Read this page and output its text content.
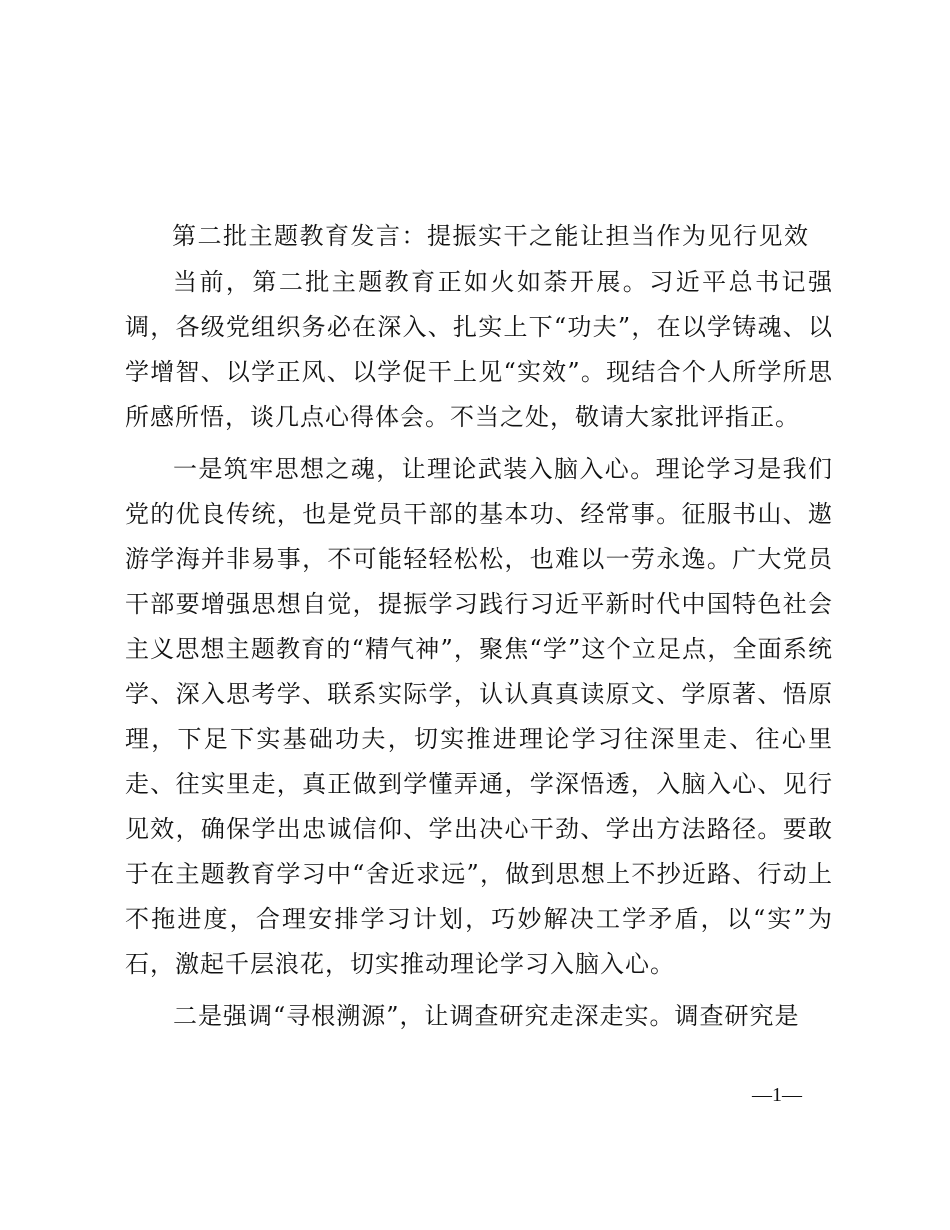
第二批主题教育发言：提振实干之能让担当作为见行见效

当前，第二批主题教育正如火如荼开展。习近平总书记强调，各级党组织务必在深入、扎实上下“功夫”，在以学铸魂、以学增智、以学正风、以学促干上见“实效”。现结合个人所学所思所感所悟，谈几点心得体会。不当之处，敬请大家批评指正。

一是筑牢思想之魂，让理论武装入脑入心。理论学习是我们党的优良传统，也是党员干部的基本功、经常事。征服书山、遨游学海并非易事，不可能轻轻松松，也难以一劳永逸。广大党员干部要增强思想自觉，提振学习践行习近平新时代中国特色社会主义思想主题教育的“精气神”，聚焦“学”这个立足点，全面系统学、深入思考学、联系实际学，认认真真读原文、学原著、悟原理，下足下实基础功夫，切实推进理论学习往深里走、往心里走、往实里走，真正做到学懂弄通，学深悟透，入脑入心、见行见效，确保学出忠诚信仰、学出决心干劲、学出方法路径。要敢于在主题教育学习中“舍近求远”，做到思想上不抄近路、行动上不拖进度，合理安排学习计划，巧妙解决工学矛盾，以“实”为石，激起千层浪花，切实推动理论学习入脑入心。

二是强调“寻根溯源”，让调查研究走深走实。调查研究是

—1—
